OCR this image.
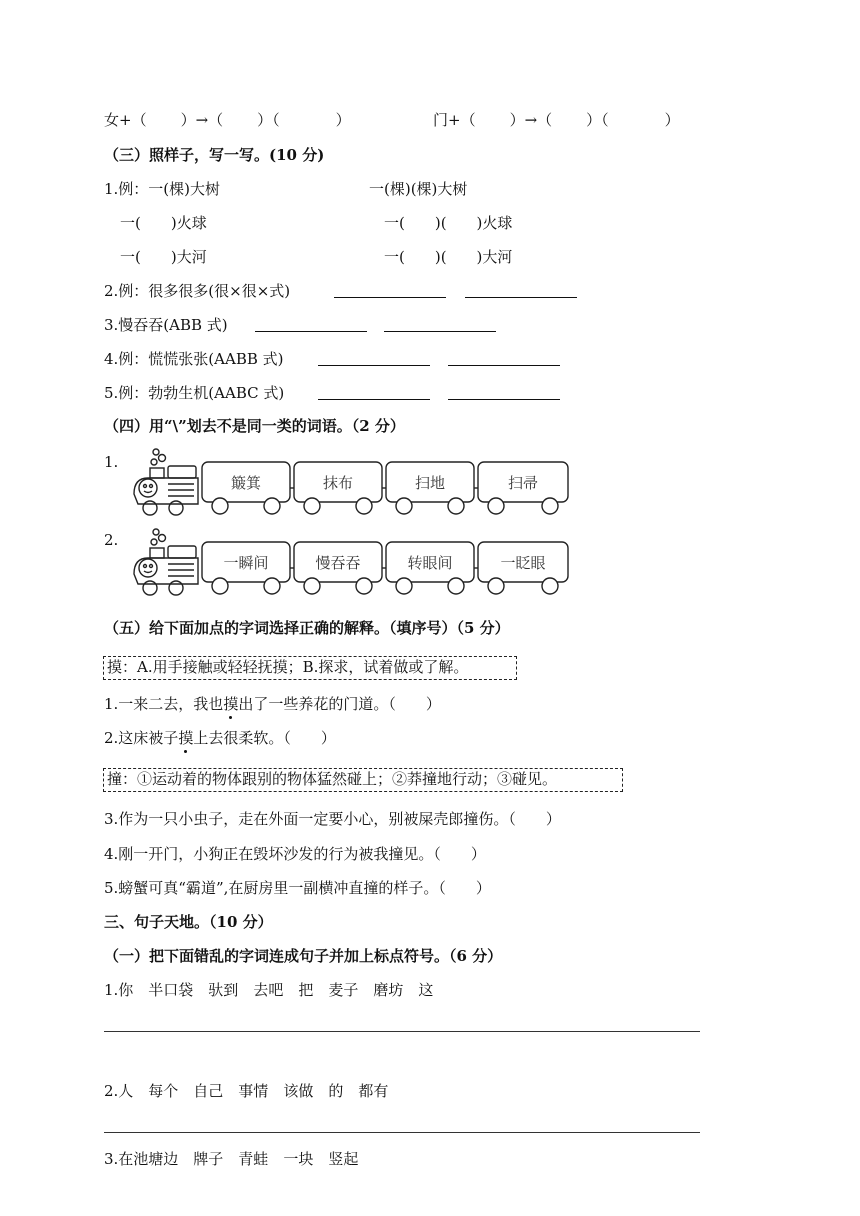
女+（ ）→（ ）（	）	门+（ ）→（ ）（	）
（三）照样子，写一写。(10 分)
1.例：一(棵)大树	一(棵)(棵)大树
一(　　)火球	一(　　)(　　)火球
一(　　)大河	一(　　)(　　)大河
2.例：很多很多(很×很×式)
3.慢吞吞(ABB 式)
4.例：慌慌张张(AABB 式)
5.例：勃勃生机(AABC 式)
（四）用“\”划去不是同一类的词语。（2 分）
1.
簸箕	抹布	扫地	扫帚
2.
一瞬间	慢吞吞	转眼间	一眨眼
（五）给下面加点的字词选择正确的解释。（填序号）（5 分）
摸：A.用手接触或轻轻抚摸；B.探求，试着做或了解。
1.一来二去，我也摸出了一些养花的门道。（　　）
2.这床被子摸上去很柔软。（　　）
撞：①运动着的物体跟别的物体猛然碰上；②莽撞地行动；③碰见。
3.作为一只小虫子，走在外面一定要小心，别被屎壳郎撞伤。（　　）
4.刚一开门，小狗正在毁坏沙发的行为被我撞见。（　　）
5.螃蟹可真“霸道”,在厨房里一副横冲直撞的样子。（　　）
三、句子天地。（10 分）
（一）把下面错乱的字词连成句子并加上标点符号。（6 分）
1.你　半口袋　驮到　去吧　把　麦子　磨坊　这
2.人　每个　自己　事情　该做　的　都有
3.在池塘边　牌子　青蛙　一块　竖起
